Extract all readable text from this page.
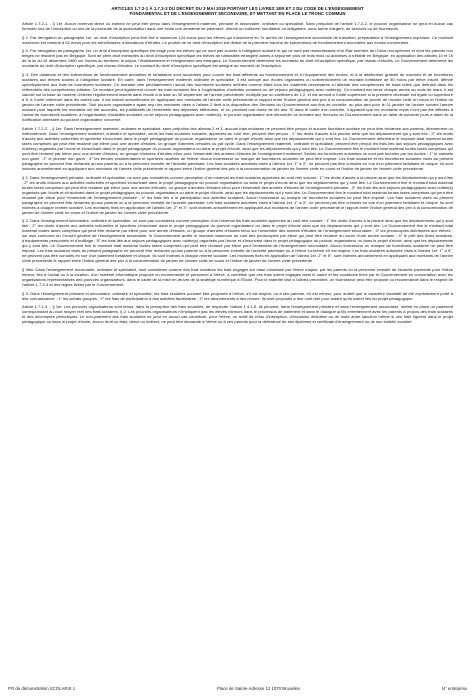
ARTICLES 1.7.2-1 À 1.7.2-3 DU DÉCRET DU 3 MAI 2019 PORTANT LES LIVRES 1ER ET 2 DU CODE DE L'ENSEIGNEMENT
FONDAMENTAL ET DE L'ENSEIGNEMENT SECONDAIRE, ET METTANT EN PLACE LE TRONC COMMUN

Article 1.7.2-1. - § 1er. Aucun minerval direct ou indirect ne peut être perçu dans l'enseignement maternel, primaire et secondaire, ordinaire ou spécialisé. Sans préjudice de l'article 1.7.2-2, le pouvoir organisateur ne peut en aucun cas formuler lors de l'inscription ou lors de la poursuite de la scolarisation dans une école une demande de paiement, directe ou indirecte, facultative ou obligatoire, sous forme d'argent, de services ou de fournitures.

§ 2. Par dérogation au paragraphe 1er, un droit d'inscription peut être fixé à maximum 124 euros pour les élèves qui s'inscrivent en 7e année de l'enseignement secondaire de transition, préparatoire à l'enseignement supérieur. Ce montant maximum est ramené à 62 euros pour les bénéficiaires d'allocations d'études. Le produit de ce droit d'inscription est déduit de la première tranche de subventions de fonctionnement accordées aux écoles concernées.

§ 3. Par dérogation au paragraphe 1er, un droit d'inscription spécifique est exigé pour les élèves qui ne sont pas soumis à l'obligation scolaire et qui ne sont pas ressortissants d'un État membre de l'Union européenne et dont les parents non belges ne résident pas en Belgique. Sont de plein droit exemptés du droit d'inscription spécifique les élèves de nationalité étrangère admis à séjourner plus de trois mois ou autorisés à s'établir en Belgique, en application des articles 10 et 15 de la loi du 15 décembre 1980 sur l'accès au territoire, le séjour, l'établissement et l'éloignement des étrangers. Le Gouvernement détermine les montants du droit d'inscription spécifique, par niveau d'études. Le Gouvernement détermine les montants du droit d'inscription spécifique, par niveau d'études. Le montant du droit d'inscription spécifique est assigné au moment de l'inscription.

§ 4. Des dotations et des subventions de fonctionnement annuelles et forfaitaires sont accordées pour couvrir les frais afférents au fonctionnement et à l'équipement des écoles, et à la distribution gratuite de manuels et de fournitures scolaires aux élèves soumis à l'obligation scolaire. En outre, dans l'enseignement maternel ordinaire et spécialisé, il est octroyé aux écoles organisées ou subventionnées un montant forfaitaire de 50 euros par élève inscrit, affecté spécifiquement aux frais de fournitures scolaires. Ce montant vise prioritairement l'achat des fournitures scolaires définies comme étant tous les matériels nécessaires à l'atteinte des compétences de base telles que définies dans les référentiels des compétences initiales. Ce montant peut également couvrir les frais scolaires liés à l'organisation d'activités scolaires ou de séjours pédagogiques avec nuitée(s). Ce montant est versé chaque année au mois de mars. Il est calculé sur la base du nombre d'élèves régulièrement inscrits dans l'école à la date du 30 septembre de l'année précédente, multiplié par un coefficient de 1,2, et est arrondi à l'unité supérieure si la première décimale est égale ou supérieure à 5, à l'unité inférieure dans les autres cas. Il est indexé annuellement en appliquant aux montants de l'année civile précédente le rapport entre l'indice général des prix à la consommation de janvier de l'année civile en cours et l'indice de janvier de l'année civile précédente. Tout pouvoir organisateur ayant reçu les montants visés à l'alinéa 2 tient à la disposition des Services du Gouvernement aux fins de contrôle, au plus tard pour le 31 janvier de l'année suivant l'année scolaire pour laquelle les montants ont été accordés, les justificatifs de l'ensemble des dépenses effectuées, et ce, pendant une durée de dix ans. Si dans le cadre d'un contrôle, il apparaît que les montants reçus n'ont pas été affectés à l'achat de fournitures scolaires, à l'organisation d'activités scolaires ou de séjours pédagogiques avec nuitée(s), le pouvoir organisateur doit rétrocéder ce montant aux Services du Gouvernement dans un délai de soixante jours à dater de la notification adressée au pouvoir organisateur concerné.

Article 1.7.2-2. - § 1er. Dans l'enseignement maternel, ordinaire et spécialisé, sans préjudice des alinéas 2 et 3, aucuns frais scolaires ne peuvent être perçus et aucune fourniture scolaire ne peut être réclamée aux parents, directement ou indirectement. Dans l'enseignement maternel, ordinaire et spécialisé, seuls les frais scolaires suivants, appréciés au coût réel, peuvent être perçus : 1° les droits d'accès à la piscine ainsi que les déplacements qui y sont liés ; 2° les droits d'accès aux activités culturelles et sportives s'inscrivant dans le projet pédagogique du pouvoir organisateur ou dans le projet d'école ainsi que les déplacements qui y sont liés. Le Gouvernement détermine le montant total maximal toutes taxes comprises qui peut être réclamé par élève pour une année d'études, un groupe d'années d'études ou par cycle. Dans l'enseignement maternel, ordinaire et spécialisé, peuvent être perçus les frais liés aux séjours pédagogiques avec nuitée(s) organisés par l'école et s'inscrivant dans le projet pédagogique du pouvoir organisateur ou dans le projet d'école, ainsi que les déplacements qui y sont liés. Le Gouvernement fixe le montant total maximal toutes taxes comprises qui peut être réclamé par élève pour une année d'études, un groupe d'années d'études et/ou pour l'ensemble des années d'études de l'enseignement maternel. Seules les fournitures suivantes ne sont pas fournies par les écoles : 1° le cartable non garni ; 2° le plumier non garni ; 3° les tenues vestimentaires et sportives usuelles de l'élève. Aucun fournisseur ou marque de fournitures scolaires ne peut être imposé. Les frais scolaires et les fournitures scolaires visés au présent paragraphe ne peuvent être réclamés qu'aux parents ou à la personne investie de l'autorité parentale. Les frais scolaires autorisés visés à l'alinéa 1er, 1° à 3°, ne peuvent pas être cumulés en vue d'un paiement forfaitaire et unique. Ils sont indexés annuellement en appliquant aux montants de l'année civile précédente le rapport entre l'indice général des prix à la consommation de janvier de l'année civile en cours et l'indice de janvier de l'année civile précédente.

§ 2. Dans l'enseignement primaire, ordinaire et spécialisé, ne sont pas considérés comme perception d'un minerval les frais scolaires appréciés au coût réel suivant : 1° les droits d'accès à la piscine ainsi que les déplacements qui y sont liés ; 2° les droits d'accès aux activités culturelles et sportives s'inscrivant dans le projet pédagogique du pouvoir organisateur ou dans le projet d'école ainsi que les déplacements qui y sont liés. Le Gouvernement fixe le montant total maximal toutes taxes comprises qui peut être réclamé par élève pour une année d'études, un groupe d'années d'études et/ou pour l'ensemble des années d'études de l'enseignement primaire ; 3° les frais liés aux séjours pédagogiques avec nuitée(s) organisés par l'école et s'inscrivant dans le projet pédagogique du pouvoir organisateur ou dans le projet d'école, ainsi que les déplacements qui y sont liés. Le Gouvernement fixe le montant total maximal toutes taxes comprises qui peut être réclamé par élève pour l'ensemble de l'enseignement primaire ; 4° les frais liés à la participation aux activités scolaires. Aucun fournisseur ou marque de fournitures scolaires ne peut être imposé. Les frais scolaires visés au présent paragraphe ne peuvent être réclamés qu'aux parents ou à la personne investie de l'autorité parentale. Les frais scolaires autorisés visés à l'alinéa 1er, 1° à 3°, ne peuvent pas être cumulés en vue d'un paiement forfaitaire et unique. Ils sont indexés à chaque rentrée scolaire. Les montants fixés en application de l'alinéa 1er, 2° et 3°, sont indexés annuellement en appliquant aux montants de l'année civile précédente le rapport entre l'indice général des prix à la consommation de janvier de l'année civile en cours et l'indice de janvier de l'année civile précédente.

§ 3. Dans l'enseignement secondaire, ordinaire et spécialisé, ne sont pas considérés comme perception d'un minerval les frais scolaires appréciés au coût réel suivant : 1° les droits d'accès à la piscine ainsi que les déplacements qui y sont liés ; 2° les droits d'accès aux activités culturelles et sportives s'inscrivant dans le projet pédagogique du pouvoir organisateur ou dans le projet d'école ainsi que les déplacements qui y sont liés. Le Gouvernement fixe le montant total maximal toutes taxes comprises qui peut être réclamé par élève pour une année d'études, un groupe d'années d'études et/ou sur l'ensemble des années d'études de l'enseignement secondaire ; 3° les photocopies distribuées aux élèves ; sur avis conforme du Conseil général de l'enseignement secondaire, le Gouvernement arrête le montant maximum du coût des photocopies par élève qui peut être réclamé au cours d'une année scolaire ; 4° le prêt des livres scolaires, d'équipements personnels et d'outillage ; 5° les frais liés aux séjours pédagogiques avec nuitée(s) organisés par l'école et s'inscrivant dans le projet pédagogique du pouvoir organisateur ou dans le projet d'école, ainsi que les déplacements qui y sont liés. Le Gouvernement fixe le montant total maximal toutes taxes comprises qui peut être réclamé par élève pour l'ensemble de l'enseignement secondaire. Aucun fournisseur ou marque de fournitures scolaires ne peut être imposé. Les frais scolaires visés au présent paragraphe ne peuvent être réclamés qu'aux parents ou à la personne investie de l'autorité parentale ou à l'élève lui-même s'il est majeur. Les frais scolaires autorisés visés à l'alinéa 1er, 1° à 5°, ne peuvent pas être cumulés en vue d'un paiement forfaitaire et unique. Ils sont indexés à chaque rentrée scolaire. Les montants fixés en application de l'alinéa 1er, 2° et 5°, sont indexés annuellement en appliquant aux montants de l'année civile précédente le rapport entre l'indice général des prix à la consommation de janvier de l'année civile en cours et l'indice de janvier de l'année civile précédente.

§ 3bis. Dans l'enseignement secondaire, ordinaire et spécialisé, sont considérés comme des frais scolaires les frais engagés sur base volontaire par l'élève majeur, par les parents ou la personne investie de l'autorité parentale pour l'élève mineur, liés à l'achat ou à la location, d'un matériel informatique proposé ou recommandé et personnel à l'élève, à condition que ces frais soient engagés dans le cadre et les conditions fixés par le Gouvernement en concertation avec les organisations représentatives des pouvoirs organisateurs, dans le cadre de la mise en œuvre de la stratégie numérique à l'École. Pour le matériel visé à l'alinéa précédent, un fournisseur peut être proposé ou recommandé dans le respect de l'article 1.7.3-3 et des règles fixées par le Gouvernement.

§ 4. Dans l'enseignement primaire et secondaire, ordinaire et spécialisé, les frais scolaires pouvant être proposés à l'élève, s'il est majeur, ou à ses parents, s'il est mineur, pour autant que le caractère facultatif ait été explicitement porté à leur connaissance : 1° les achats groupés ; 2° les frais de participation à des activités facultatives ; 3° les abonnements à des revues. Ils sont proposés à leur coût réel pour autant qu'ils soient liés au projet pédagogique.

Article 1.7.2-3. - § 1er. Les pouvoirs organisateurs sont tenus, dans la perception des frais scolaires, de respecter l'article 1.4.1-5. Ils peuvent, dans l'enseignement primaire et dans l'enseignement secondaire, mettre en place un paiement correspondant au coût moyen réel des frais scolaires. § 2. Les pouvoirs organisateurs n'impliquent pas les élèves mineurs dans le processus de paiement et dans le dialogue qu'ils entretiennent avec les parents à propos des frais scolaires et des décomptes périodiques. Le non-paiement des frais scolaires ne peut en aucun cas constituer, pour l'élève, un motif de refus d'inscription, d'exclusion définitive ou de toute autre sanction même si ces frais figurent dans le projet pédagogique ou dans le projet d'école. Aucun droit ou frais, direct ou indirect, ne peut être demandé à l'élève ou à ses parents pour la délivrance de ses diplômes et certificats d'enseignement ou de son bulletin scolaire.

PO de démonstration SCOLARIS 1	Place de Sainte-Adresse 12 1070 Bruxelles	N° entreprise
